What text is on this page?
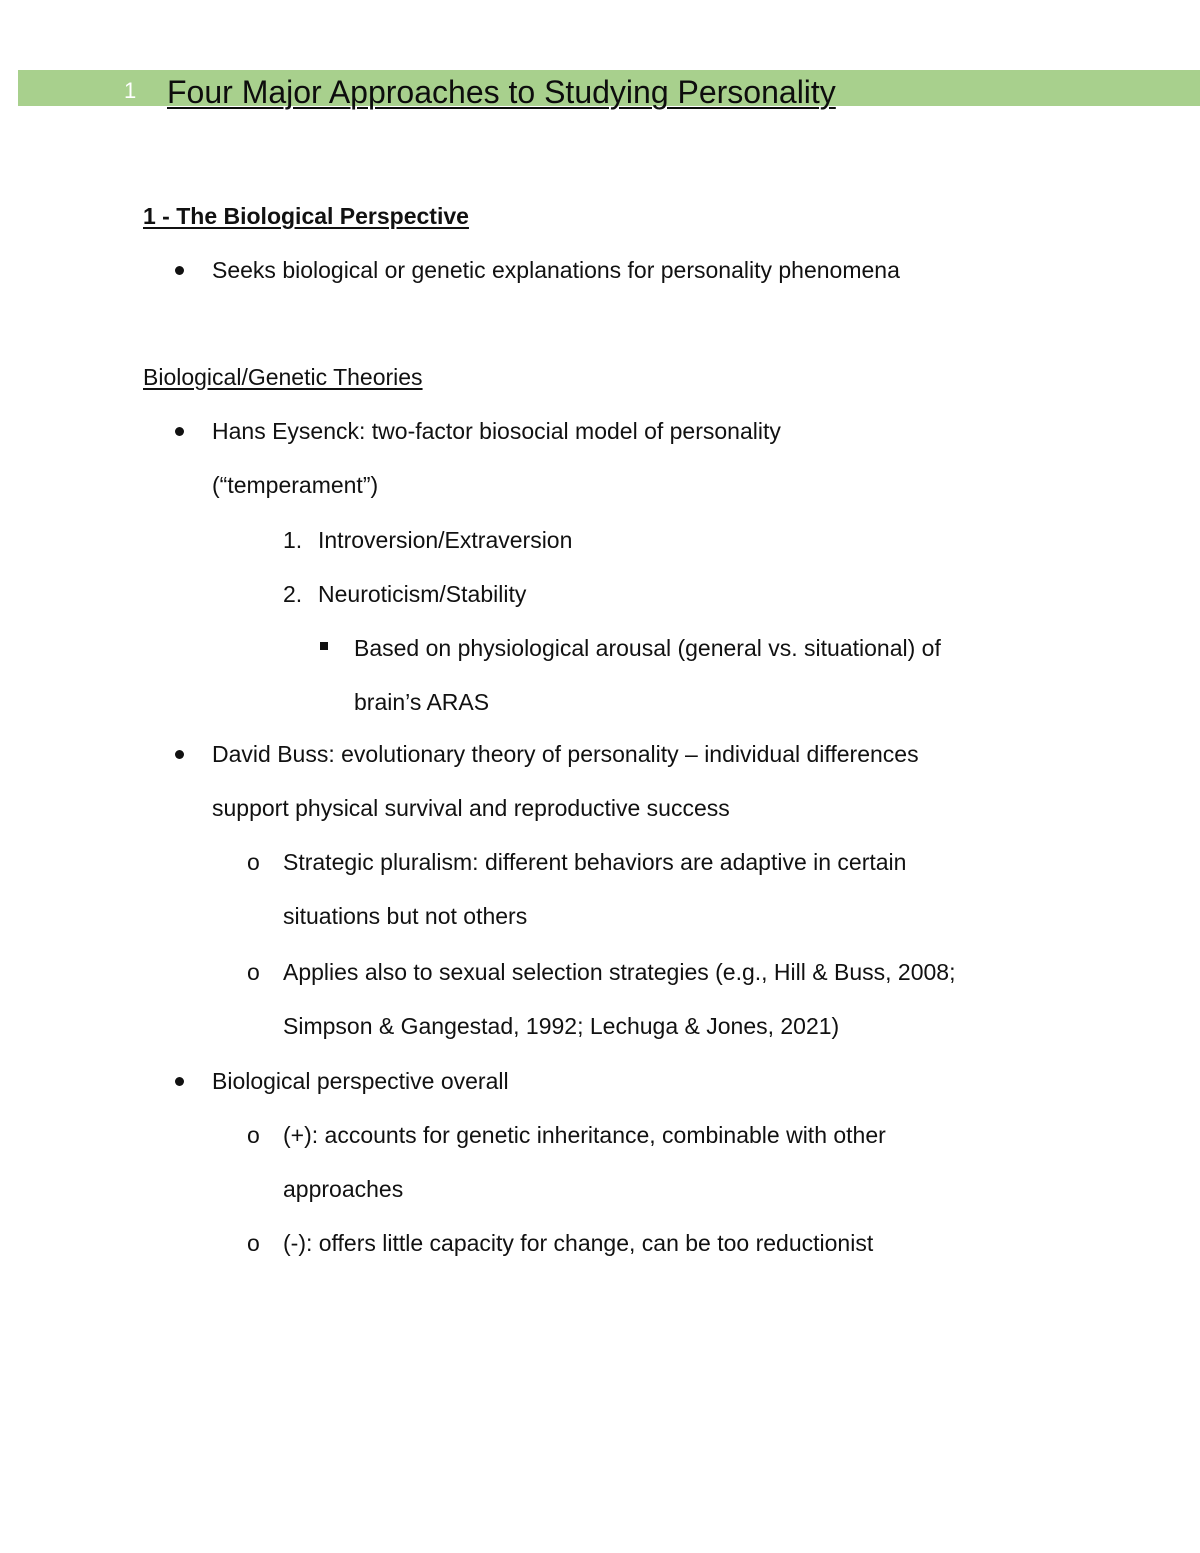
1 Four Major Approaches to Studying Personality
1 - The Biological Perspective
Seeks biological or genetic explanations for personality phenomena
Biological/Genetic Theories
Hans Eysenck: two-factor biosocial model of personality
(“temperament”)
1. Introversion/Extraversion
2. Neuroticism/Stability
Based on physiological arousal (general vs. situational) of
brain’s ARAS
David Buss: evolutionary theory of personality – individual differences
support physical survival and reproductive success
o Strategic pluralism: different behaviors are adaptive in certain
situations but not others
o Applies also to sexual selection strategies (e.g., Hill & Buss, 2008;
Simpson & Gangestad, 1992; Lechuga & Jones, 2021)
Biological perspective overall
o (+): accounts for genetic inheritance, combinable with other
approaches
o (-): offers little capacity for change, can be too reductionist
